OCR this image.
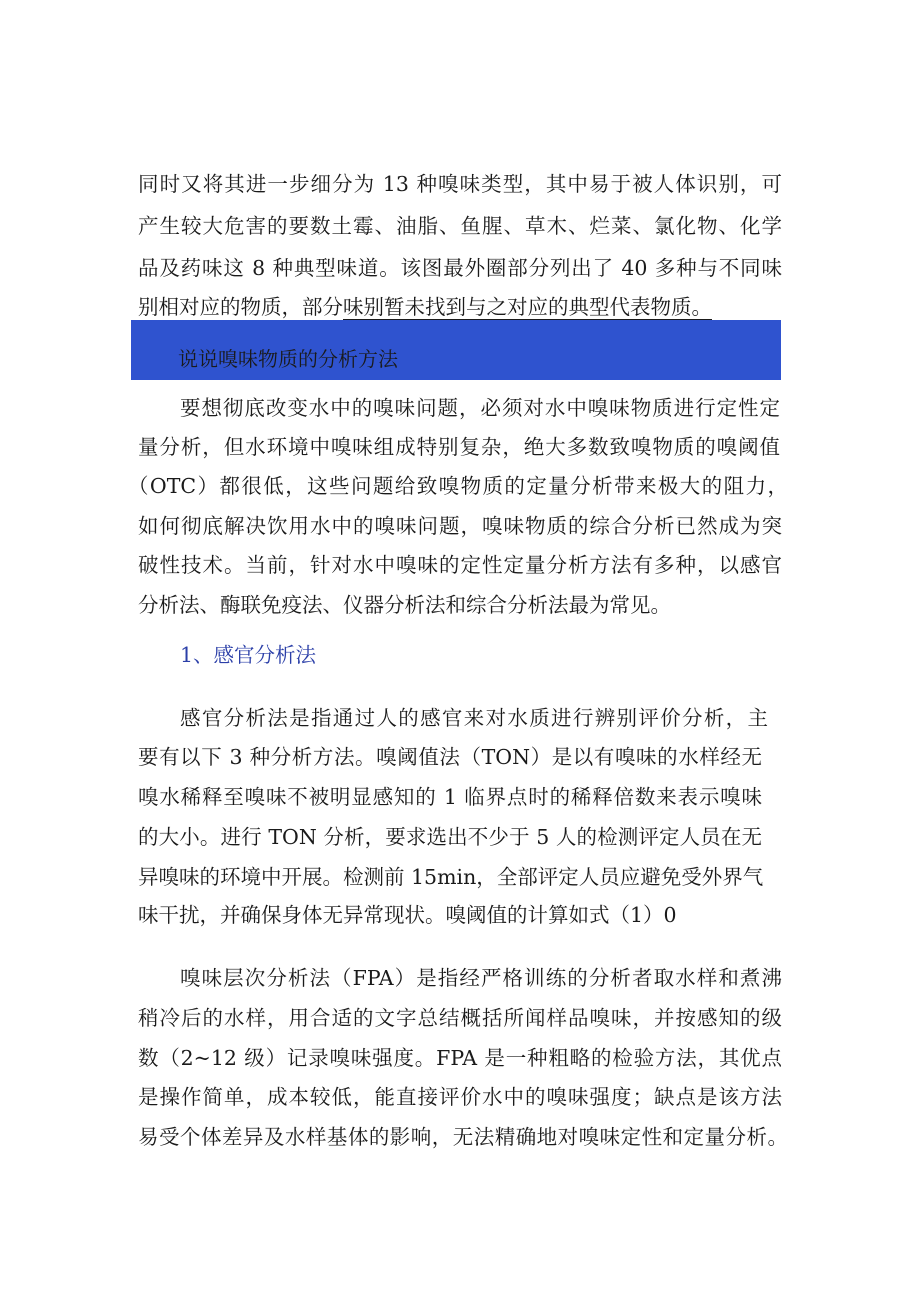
同时又将其进一步细分为 13 种嗅味类型，其中易于被人体识别，可
产生较大危害的要数土霉、油脂、鱼腥、草木、烂菜、氯化物、化学
品及药味这 8 种典型味道。该图最外圈部分列出了 40 多种与不同味
别相对应的物质，部分味别暂未找到与之对应的典型代表物质。
说说嗅味物质的分析方法
要想彻底改变水中的嗅味问题，必须对水中嗅味物质进行定性定
量分析，但水环境中嗅味组成特别复杂，绝大多数致嗅物质的嗅阈值
（OTC）都很低，这些问题给致嗅物质的定量分析带来极大的阻力，
如何彻底解决饮用水中的嗅味问题，嗅味物质的综合分析已然成为突
破性技术。当前，针对水中嗅味的定性定量分析方法有多种，以感官
分析法、酶联免疫法、仪器分析法和综合分析法最为常见。
1、感官分析法
感官分析法是指通过人的感官来对水质进行辨别评价分析，主
要有以下 3 种分析方法。嗅阈值法（TON）是以有嗅味的水样经无
嗅水稀释至嗅味不被明显感知的 1 临界点时的稀释倍数来表示嗅味
的大小。进行 TON 分析，要求选出不少于 5 人的检测评定人员在无
异嗅味的环境中开展。检测前 15min，全部评定人员应避免受外界气
味干扰，并确保身体无异常现状。嗅阈值的计算如式（1）0
嗅味层次分析法（FPA）是指经严格训练的分析者取水样和煮沸
稍冷后的水样，用合适的文字总结概括所闻样品嗅味，并按感知的级
数（2~12 级）记录嗅味强度。FPA 是一种粗略的检验方法，其优点
是操作简单，成本较低，能直接评价水中的嗅味强度；缺点是该方法
易受个体差异及水样基体的影响，无法精确地对嗅味定性和定量分析。
